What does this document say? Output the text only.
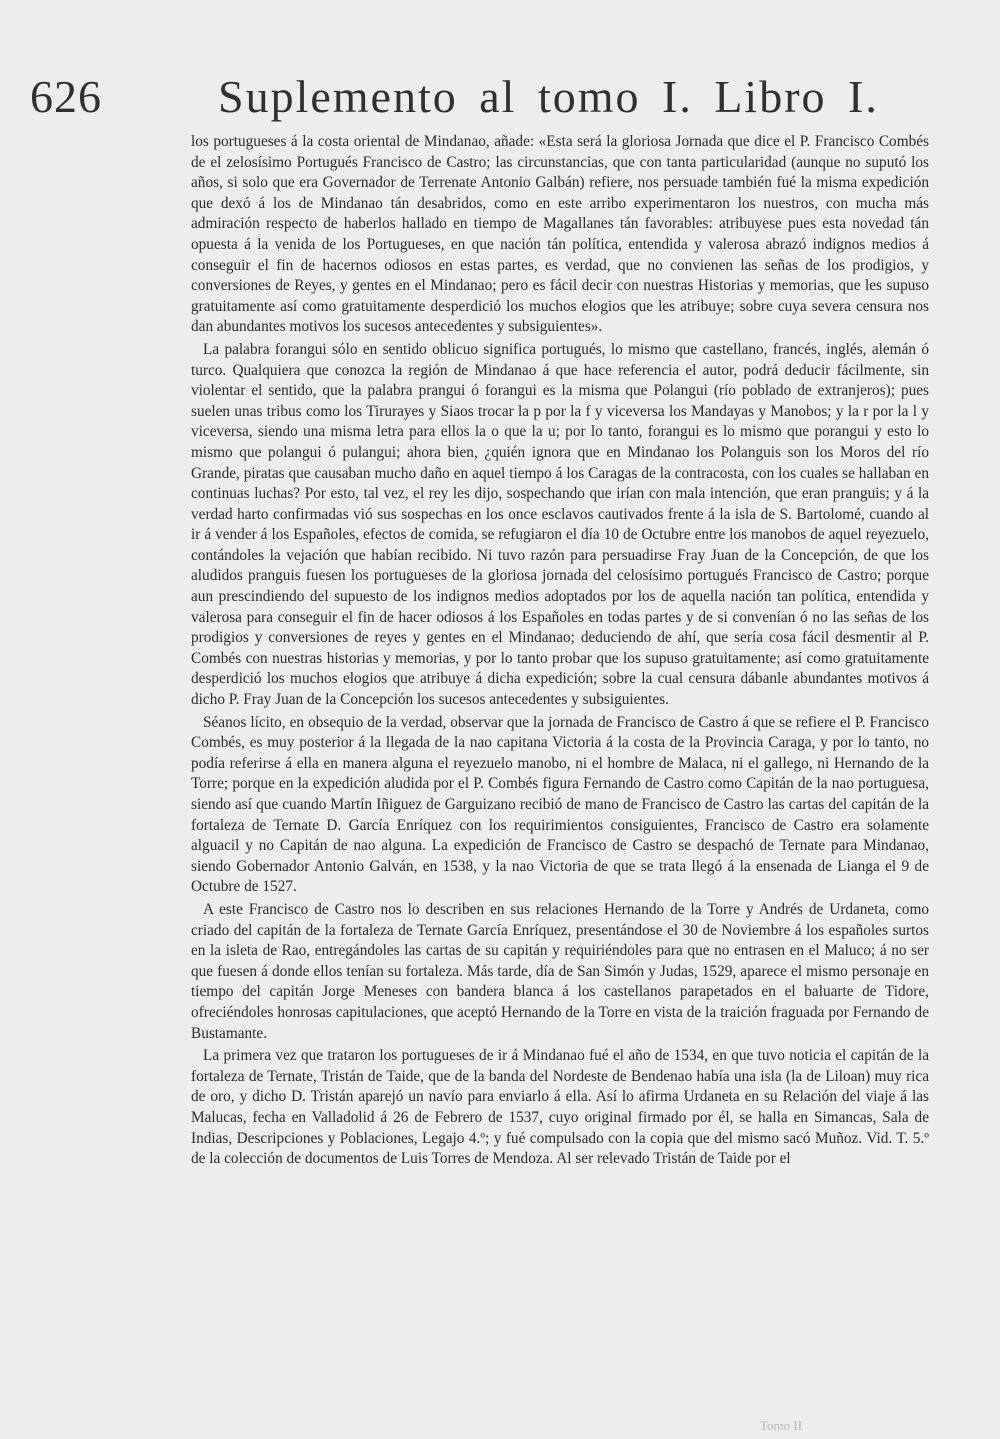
626	Suplemento al tomo I. Libro I.

los portugueses á la costa oriental de Mindanao, añade: «Esta será la gloriosa Jornada que dice el P. Francisco Combés de el zelosísimo Portugués Francisco de Castro; las circunstancias, que con tanta particularidad (aunque no suputó los años, si solo que era Governador de Terrenate Antonio Galbán) refiere, nos persuade también fué la misma expedición que dexó á los de Mindanao tán desabridos, como en este arribo experimentaron los nuestros, con mucha más admiración respecto de haberlos hallado en tiempo de Magallanes tán favorables: atribuyese pues esta novedad tán opuesta á la venida de los Portugueses, en que nación tán política, entendida y valerosa abrazó indignos medios á conseguir el fin de hacernos odiosos en estas partes, es verdad, que no convienen las señas de los prodigios, y conversiones de Reyes, y gentes en el Mindanao; pero es fácil decir con nuestras Historias y memorias, que les supuso gratuitamente así como gratuitamente desperdició los muchos elogios que les atribuye; sobre cuya severa censura nos dan abundantes motivos los sucesos antecedentes y subsiguientes».

La palabra forangui sólo en sentido oblicuo significa portugués, lo mismo que castellano, francés, inglés, alemán ó turco. Qualquiera que conozca la región de Mindanao á que hace referencia el autor, podrá deducir fácilmente, sin violentar el sentido, que la palabra prangui ó forangui es la misma que Polangui (río poblado de extranjeros); pues suelen unas tribus como los Tirurayes y Siaos trocar la p por la f y viceversa los Mandayas y Manobos; y la r por la l y viceversa, siendo una misma letra para ellos la o que la u; por lo tanto, forangui es lo mismo que porangui y esto lo mismo que polangui ó pulangui; ahora bien, ¿quién ignora que en Mindanao los Polanguis son los Moros del río Grande, piratas que causaban mucho daño en aquel tiempo á los Caragas de la contracosta, con los cuales se hallaban en continuas luchas? Por esto, tal vez, el rey les dijo, sospechando que irían con mala intención, que eran pranguis; y á la verdad harto confirmadas vió sus sospechas en los once esclavos cautivados frente á la isla de S. Bartolomé, cuando al ir á vender á los Españoles, efectos de comida, se refugiaron el día 10 de Octubre entre los manobos de aquel reyezuelo, contándoles la vejación que habían recibido. Ni tuvo razón para persuadirse Fray Juan de la Concepción, de que los aludidos pranguis fuesen los portugueses de la gloriosa jornada del celosísimo portugués Francisco de Castro; porque aun prescindiendo del supuesto de los indignos medios adoptados por los de aquella nación tan política, entendida y valerosa para conseguir el fin de hacer odiosos á los Españoles en todas partes y de si convenían ó no las señas de los prodigios y conversiones de reyes y gentes en el Mindanao; deduciendo de ahí, que sería cosa fácil desmentir al P. Combés con nuestras historias y memorias, y por lo tanto probar que los supuso gratuitamente; así como gratuitamente desperdició los muchos elogios que atribuye á dicha expedición; sobre la cual censura dábanle abundantes motivos á dicho P. Fray Juan de la Concepción los sucesos antecedentes y subsiguientes.

Séanos lícito, en obsequio de la verdad, observar que la jornada de Francisco de Castro á que se refiere el P. Francisco Combés, es muy posterior á la llegada de la nao capitana Victoria á la costa de la Provincia Caraga, y por lo tanto, no podía referirse á ella en manera alguna el reyezuelo manobo, ni el hombre de Malaca, ni el gallego, ni Hernando de la Torre; porque en la expedición aludida por el P. Combés figura Fernando de Castro como Capitán de la nao portuguesa, siendo así que cuando Martín Iñiguez de Garguizano recibió de mano de Francisco de Castro las cartas del capitán de la fortaleza de Ternate D. García Enríquez con los requirimientos consiguientes, Francisco de Castro era solamente alguacil y no Capitán de nao alguna. La expedición de Francisco de Castro se despachó de Ternate para Mindanao, siendo Gobernador Antonio Galván, en 1538, y la nao Victoria de que se trata llegó á la ensenada de Lianga el 9 de Octubre de 1527.

A este Francisco de Castro nos lo describen en sus relaciones Hernando de la Torre y Andrés de Urdaneta, como criado del capitán de la fortaleza de Ternate García Enríquez, presentándose el 30 de Noviembre á los españoles surtos en la isleta de Rao, entregándoles las cartas de su capitán y requiriéndoles para que no entrasen en el Maluco; á no ser que fuesen á donde ellos tenían su fortaleza. Más tarde, día de San Simón y Judas, 1529, aparece el mismo personaje en tiempo del capitán Jorge Meneses con bandera blanca á los castellanos parapetados en el baluarte de Tidore, ofreciéndoles honrosas capitulaciones, que aceptó Hernando de la Torre en vista de la traición fraguada por Fernando de Bustamante.

La primera vez que trataron los portugueses de ir á Mindanao fué el año de 1534, en que tuvo noticia el capitán de la fortaleza de Ternate, Tristán de Taide, que de la banda del Nordeste de Bendenao había una isla (la de Liloan) muy rica de oro, y dicho D. Tristán aparejó un navío para enviarlo á ella. Así lo afirma Urdaneta en su Relación del viaje á las Malucas, fecha en Valladolid á 26 de Febrero de 1537, cuyo original firmado por él, se halla en Simancas, Sala de Indias, Descripciones y Poblaciones, Legajo 4.º; y fué compulsado con la copia que del mismo sacó Muñoz. Vid. T. 5.º de la colección de documentos de Luis Torres de Mendoza. Al ser relevado Tristán de Taide por el

Tomo II
